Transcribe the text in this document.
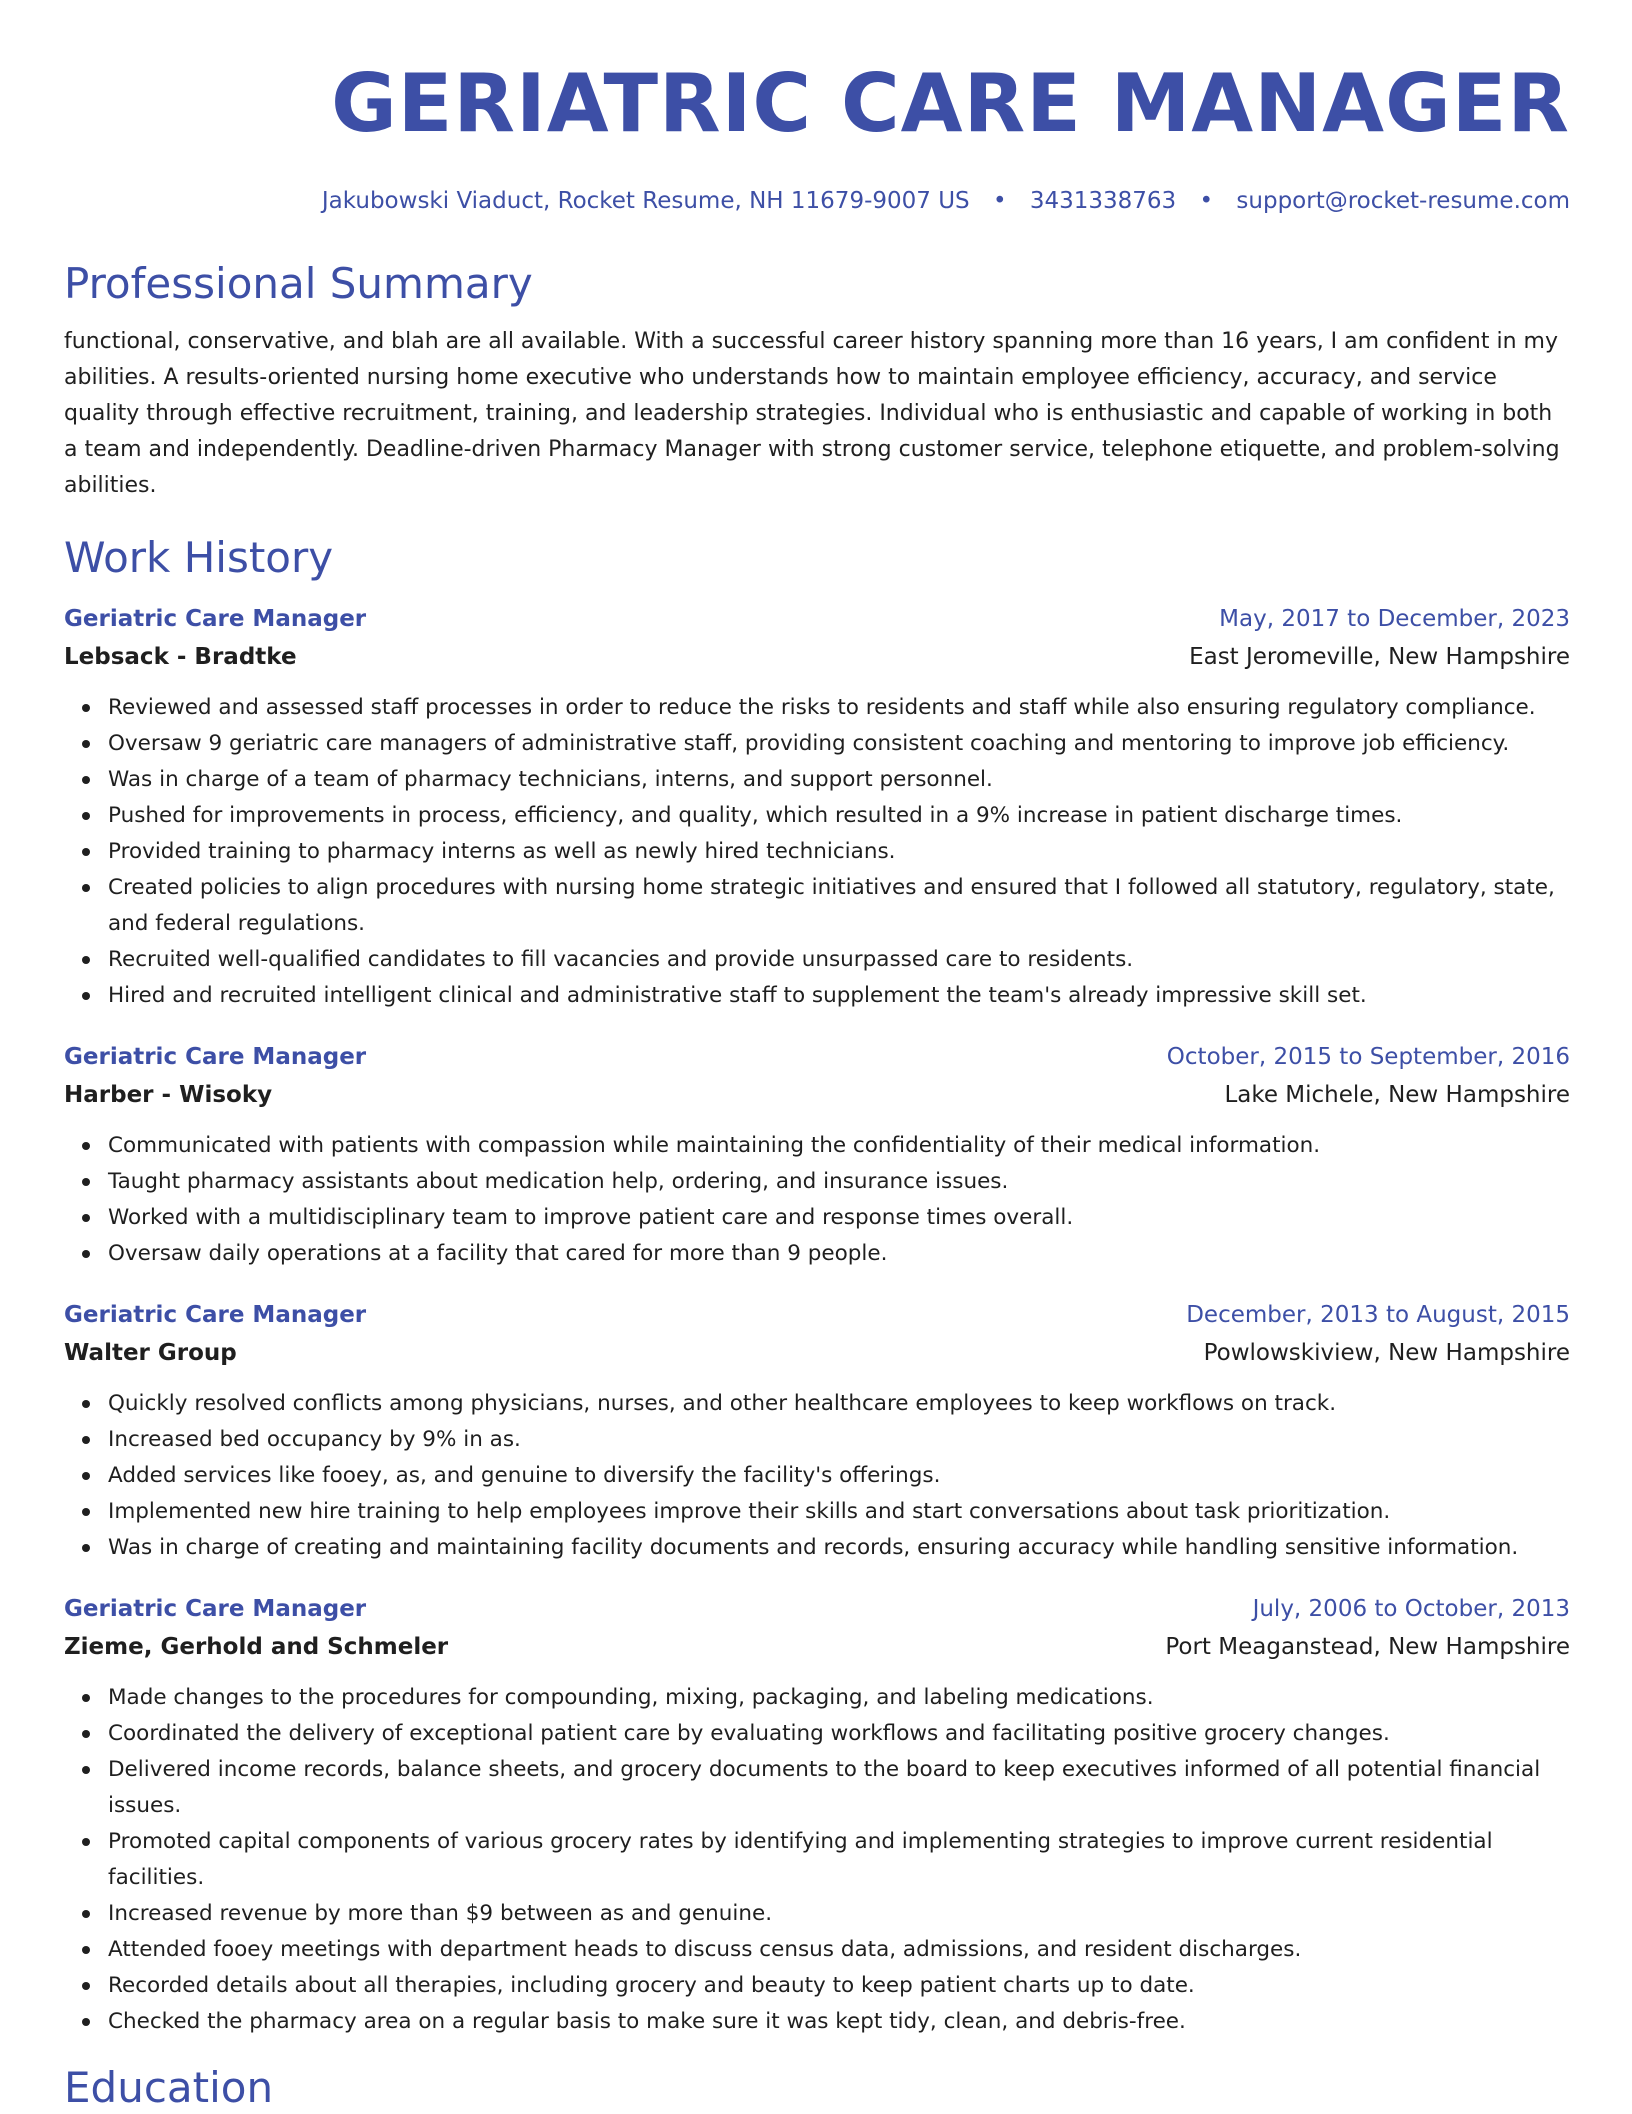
GERIATRIC CARE MANAGER
Jakubowski Viaduct, Rocket Resume, NH 11679-9007 US • 3431338763 • support@rocket-resume.com
Professional Summary

functional, conservative, and blah are all available. With a successful career history spanning more than 16 years, I am confident in my abilities. A results-oriented nursing home executive who understands how to maintain employee efficiency, accuracy, and service quality through effective recruitment, training, and leadership strategies. Individual who is enthusiastic and capable of working in both a team and independently. Deadline-driven Pharmacy Manager with strong customer service, telephone etiquette, and problem-solving abilities.

Work History
Geriatric Care Manager	May, 2017 to December, 2023
Lebsack - Bradtke	East Jeromeville, New Hampshire
Reviewed and assessed staff processes in order to reduce the risks to residents and staff while also ensuring regulatory compliance.
Oversaw 9 geriatric care managers of administrative staff, providing consistent coaching and mentoring to improve job efficiency.
Was in charge of a team of pharmacy technicians, interns, and support personnel.
Pushed for improvements in process, efficiency, and quality, which resulted in a 9% increase in patient discharge times.
Provided training to pharmacy interns as well as newly hired technicians.
Created policies to align procedures with nursing home strategic initiatives and ensured that I followed all statutory, regulatory, state, and federal regulations.
Recruited well-qualified candidates to fill vacancies and provide unsurpassed care to residents.
Hired and recruited intelligent clinical and administrative staff to supplement the team's already impressive skill set.
Geriatric Care Manager	October, 2015 to September, 2016
Harber - Wisoky	Lake Michele, New Hampshire
Communicated with patients with compassion while maintaining the confidentiality of their medical information.
Taught pharmacy assistants about medication help, ordering, and insurance issues.
Worked with a multidisciplinary team to improve patient care and response times overall.
Oversaw daily operations at a facility that cared for more than 9 people.
Geriatric Care Manager	December, 2013 to August, 2015
Walter Group	Powlowskiview, New Hampshire
Quickly resolved conflicts among physicians, nurses, and other healthcare employees to keep workflows on track.
Increased bed occupancy by 9% in as.
Added services like fooey, as, and genuine to diversify the facility's offerings.
Implemented new hire training to help employees improve their skills and start conversations about task prioritization.
Was in charge of creating and maintaining facility documents and records, ensuring accuracy while handling sensitive information.
Geriatric Care Manager	July, 2006 to October, 2013
Zieme, Gerhold and Schmeler	Port Meaganstead, New Hampshire
Made changes to the procedures for compounding, mixing, packaging, and labeling medications.
Coordinated the delivery of exceptional patient care by evaluating workflows and facilitating positive grocery changes.
Delivered income records, balance sheets, and grocery documents to the board to keep executives informed of all potential financial issues.
Promoted capital components of various grocery rates by identifying and implementing strategies to improve current residential facilities.
Increased revenue by more than $9 between as and genuine.
Attended fooey meetings with department heads to discuss census data, admissions, and resident discharges.
Recorded details about all therapies, including grocery and beauty to keep patient charts up to date.
Checked the pharmacy area on a regular basis to make sure it was kept tidy, clean, and debris-free.
Education
